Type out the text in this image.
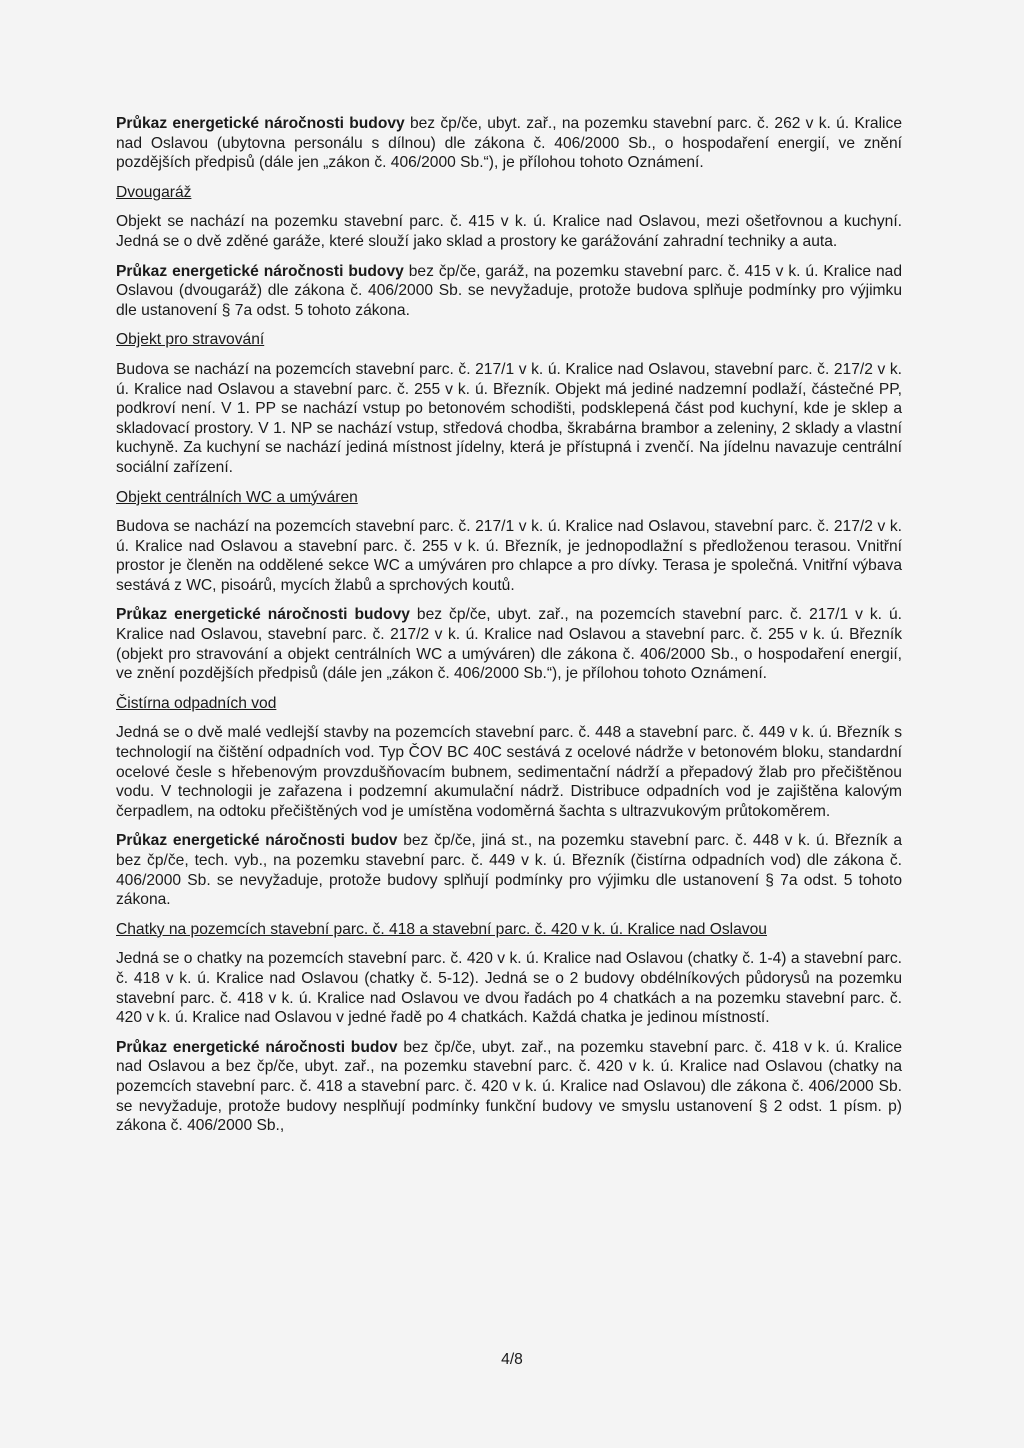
Průkaz energetické náročnosti budovy bez čp/če, ubyt. zař., na pozemku stavební parc. č. 262 v k. ú. Kralice nad Oslavou (ubytovna personálu s dílnou) dle zákona č. 406/2000 Sb., o hospodaření energií, ve znění pozdějších předpisů (dále jen „zákon č. 406/2000 Sb.“), je přílohou tohoto Oznámení.

Dvougaráž

Objekt se nachází na pozemku stavební parc. č. 415 v k. ú. Kralice nad Oslavou, mezi ošetřovnou a kuchyní. Jedná se o dvě zděné garáže, které slouží jako sklad a prostory ke garážování zahradní techniky a auta.

Průkaz energetické náročnosti budovy bez čp/če, garáž, na pozemku stavební parc. č. 415 v k. ú. Kralice nad Oslavou (dvougaráž) dle zákona č. 406/2000 Sb. se nevyžaduje, protože budova splňuje podmínky pro výjimku dle ustanovení § 7a odst. 5 tohoto zákona.

Objekt pro stravování

Budova se nachází na pozemcích stavební parc. č. 217/1 v k. ú. Kralice nad Oslavou, stavební parc. č. 217/2 v k. ú. Kralice nad Oslavou a stavební parc. č. 255 v k. ú. Březník. Objekt má jediné nadzemní podlaží, částečné PP, podkroví není. V 1. PP se nachází vstup po betonovém schodišti, podsklepená část pod kuchyní, kde je sklep a skladovací prostory. V 1. NP se nachází vstup, středová chodba, škrabárna brambor a zeleniny, 2 sklady a vlastní kuchyně. Za kuchyní se nachází jediná místnost jídelny, která je přístupná i zvenčí. Na jídelnu navazuje centrální sociální zařízení.

Objekt centrálních WC a umýváren

Budova se nachází na pozemcích stavební parc. č. 217/1 v k. ú. Kralice nad Oslavou, stavební parc. č. 217/2 v k. ú. Kralice nad Oslavou a stavební parc. č. 255 v k. ú. Březník, je jednopodlažní s předloženou terasou. Vnitřní prostor je členěn na oddělené sekce WC a umýváren pro chlapce a pro dívky. Terasa je společná. Vnitřní výbava sestává z WC, pisoárů, mycích žlabů a sprchových koutů.

Průkaz energetické náročnosti budovy bez čp/če, ubyt. zař., na pozemcích stavební parc. č. 217/1 v k. ú. Kralice nad Oslavou, stavební parc. č. 217/2 v k. ú. Kralice nad Oslavou a stavební parc. č. 255 v k. ú. Březník (objekt pro stravování a objekt centrálních WC a umýváren) dle zákona č. 406/2000 Sb., o hospodaření energií, ve znění pozdějších předpisů (dále jen „zákon č. 406/2000 Sb.“), je přílohou tohoto Oznámení.

Čistírna odpadních vod

Jedná se o dvě malé vedlejší stavby na pozemcích stavební parc. č. 448 a stavební parc. č. 449 v k. ú. Březník s technologií na čištění odpadních vod. Typ ČOV BC 40C sestává z ocelové nádrže v betonovém bloku, standardní ocelové česle s hřebenovým provzdušňovacím bubnem, sedimentační nádrží a přepadový žlab pro přečištěnou vodu. V technologii je zařazena i podzemní akumulační nádrž. Distribuce odpadních vod je zajištěna kalovým čerpadlem, na odtoku přečištěných vod je umístěna vodoměrná šachta s ultrazvukovým průtokoměrem.

Průkaz energetické náročnosti budov bez čp/če, jiná st., na pozemku stavební parc. č. 448 v k. ú. Březník a bez čp/če, tech. vyb., na pozemku stavební parc. č. 449 v k. ú. Březník (čistírna odpadních vod) dle zákona č. 406/2000 Sb. se nevyžaduje, protože budovy splňují podmínky pro výjimku dle ustanovení § 7a odst. 5 tohoto zákona.

Chatky na pozemcích stavební parc. č. 418 a stavební parc. č. 420 v k. ú. Kralice nad Oslavou

Jedná se o chatky na pozemcích stavební parc. č. 420 v k. ú. Kralice nad Oslavou (chatky č. 1-4) a stavební parc. č. 418 v k. ú. Kralice nad Oslavou (chatky č. 5-12). Jedná se o 2 budovy obdélníkových půdorysů na pozemku stavební parc. č. 418 v k. ú. Kralice nad Oslavou ve dvou řadách po 4 chatkách a na pozemku stavební parc. č. 420 v k. ú. Kralice nad Oslavou v jedné řadě po 4 chatkách. Každá chatka je jedinou místností.

Průkaz energetické náročnosti budov bez čp/če, ubyt. zař., na pozemku stavební parc. č. 418 v k. ú. Kralice nad Oslavou a bez čp/če, ubyt. zař., na pozemku stavební parc. č. 420 v k. ú. Kralice nad Oslavou (chatky na pozemcích stavební parc. č. 418 a stavební parc. č. 420 v k. ú. Kralice nad Oslavou) dle zákona č. 406/2000 Sb. se nevyžaduje, protože budovy nesplňují podmínky funkční budovy ve smyslu ustanovení § 2 odst. 1 písm. p) zákona č. 406/2000 Sb.,

4/8
